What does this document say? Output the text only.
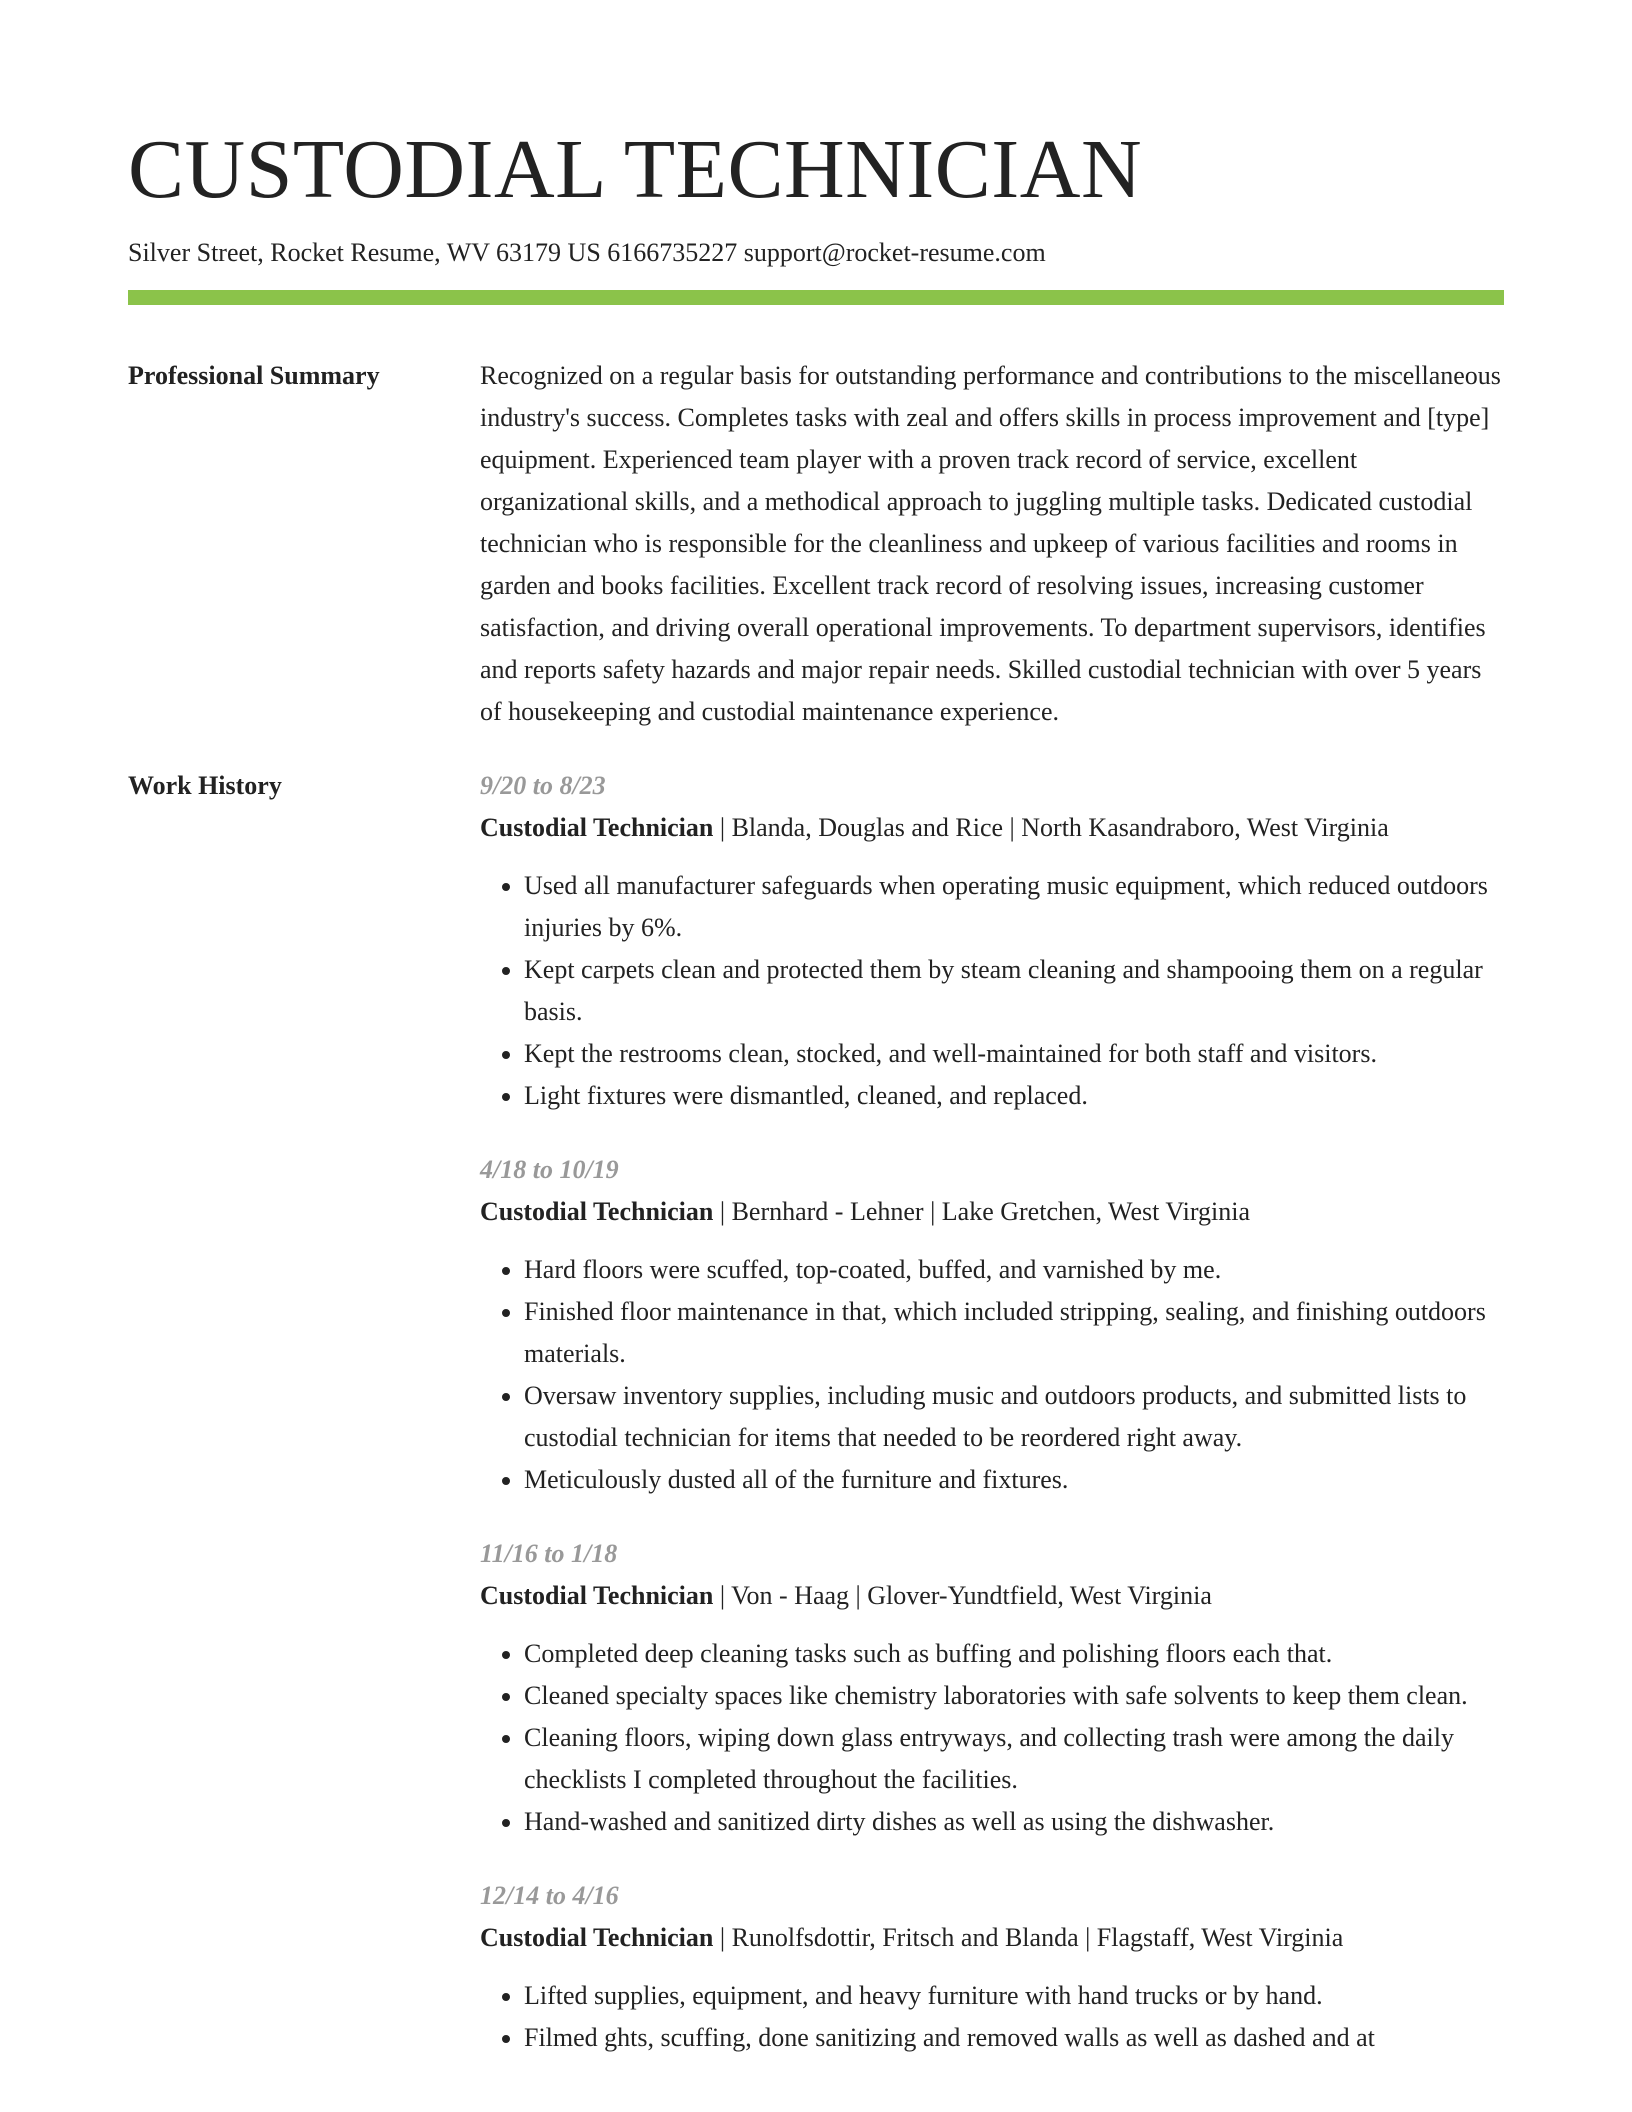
CUSTODIAL TECHNICIAN
Silver Street, Rocket Resume, WV 63179 US 6166735227 support@rocket-resume.com
Professional Summary	Recognized on a regular basis for outstanding performance and contributions to the miscellaneous industry's success. Completes tasks with zeal and offers skills in process improvement and [type] equipment. Experienced team player with a proven track record of service, excellent organizational skills, and a methodical approach to juggling multiple tasks. Dedicated custodial technician who is responsible for the cleanliness and upkeep of various facilities and rooms in garden and books facilities. Excellent track record of resolving issues, increasing customer satisfaction, and driving overall operational improvements. To department supervisors, identifies and reports safety hazards and major repair needs. Skilled custodial technician with over 5 years of housekeeping and custodial maintenance experience.

Work History	9/20 to 8/23
Custodial Technician | Blanda, Douglas and Rice | North Kasandraboro, West Virginia
• Used all manufacturer safeguards when operating music equipment, which reduced outdoors injuries by 6%.
• Kept carpets clean and protected them by steam cleaning and shampooing them on a regular basis.
• Kept the restrooms clean, stocked, and well-maintained for both staff and visitors.
• Light fixtures were dismantled, cleaned, and replaced.
4/18 to 10/19
Custodial Technician | Bernhard - Lehner | Lake Gretchen, West Virginia
• Hard floors were scuffed, top-coated, buffed, and varnished by me.
• Finished floor maintenance in that, which included stripping, sealing, and finishing outdoors materials.
• Oversaw inventory supplies, including music and outdoors products, and submitted lists to custodial technician for items that needed to be reordered right away.
• Meticulously dusted all of the furniture and fixtures.
11/16 to 1/18
Custodial Technician | Von - Haag | Glover-Yundtfield, West Virginia
• Completed deep cleaning tasks such as buffing and polishing floors each that.
• Cleaned specialty spaces like chemistry laboratories with safe solvents to keep them clean.
• Cleaning floors, wiping down glass entryways, and collecting trash were among the daily checklists I completed throughout the facilities.
• Hand-washed and sanitized dirty dishes as well as using the dishwasher.
12/14 to 4/16
Custodial Technician | Runolfsdottir, Fritsch and Blanda | Flagstaff, West Virginia
• Lifted supplies, equipment, and heavy furniture with hand trucks or by hand.
• Filmed ghts, scuffing, done sanitizing and removed walls as well as dashed and at
